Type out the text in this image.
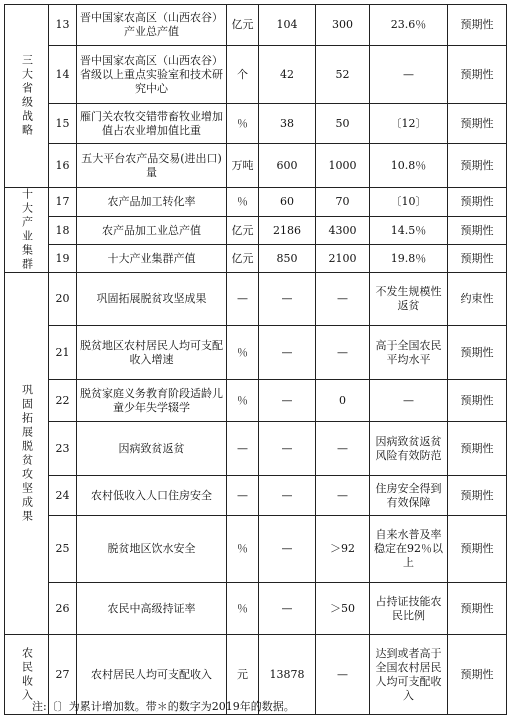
三大省级战略	13	晋中国家农高区（山西农谷）产业总产值	亿元	104	300	23.6％	预期性
	14	晋中国家农高区（山西农谷）省级以上重点实验室和技术研究中心	个	42	52	—	预期性
	15	雁门关农牧交错带畜牧业增加值占农业增加值比重	％	38	50	〔12〕	预期性
	16	五大平台农产品交易(进出口)量	万吨	600	1000	10.8％	预期性
十大产业集群	17	农产品加工转化率	％	60	70	〔10〕	预期性
	18	农产品加工业总产值	亿元	2186	4300	14.5％	预期性
	19	十大产业集群产值	亿元	850	2100	19.8％	预期性
巩固拓展脱贫攻坚成果	20	巩固拓展脱贫攻坚成果	—	—	—	不发生规模性返贫	约束性
	21	脱贫地区农村居民人均可支配收入增速	％	—	—	高于全国农民平均水平	预期性
	22	脱贫家庭义务教育阶段适龄儿童少年失学辍学	％	—	0	—	预期性
	23	因病致贫返贫	—	—	—	因病致贫返贫风险有效防范	预期性
	24	农村低收入人口住房安全	—	—	—	住房安全得到有效保障	预期性
	25	脱贫地区饮水安全	％	—	＞92	自来水普及率稳定在92％以上	预期性
	26	农民中高级持证率	％	—	＞50	占持证技能农民比例	预期性
农民收入	27	农村居民人均可支配收入	元	13878	—	达到或者高于全国农村居民人均可支配收入	预期性
注:〔〕为累计增加数。带＊的数字为2019年的数据。
